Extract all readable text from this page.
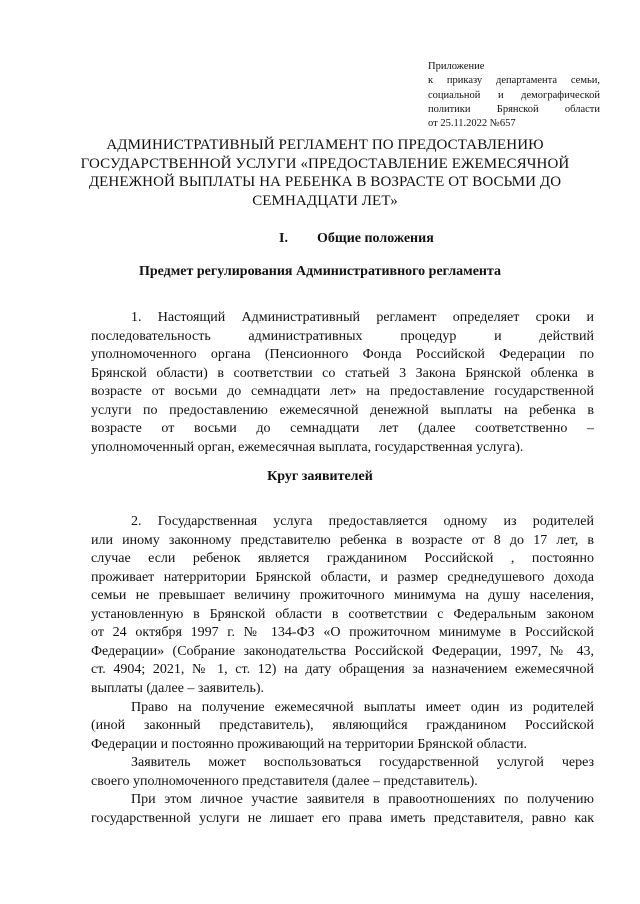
Приложение
к приказу департамента семьи,
социальной и демографической
политики Брянской области
от 25.11.2022 №657
АДМИНИСТРАТИВНЫЙ РЕГЛАМЕНТ ПО ПРЕДОСТАВЛЕНИЮ
ГОСУДАРСТВЕННОЙ УСЛУГИ «ПРЕДОСТАВЛЕНИЕ ЕЖЕМЕСЯЧНОЙ
ДЕНЕЖНОЙ ВЫПЛАТЫ НА РЕБЕНКА В ВОЗРАСТЕ ОТ ВОСЬМИ ДО
СЕМНАДЦАТИ ЛЕТ»
I. Общие положения
Предмет регулирования Административного регламента
1. Настоящий Административный регламент определяет сроки и
последовательность административных процедур и действий
уполномоченного органа (Пенсионного Фонда Российской Федерации по
Брянской области) в соответствии со статьей 3 Закона Брянской обленка в
возрасте от восьми до семнадцати лет» на предоставление государственной
услуги по предоставлению ежемесячной денежной выплаты на ребенка в
возрасте от восьми до семнадцати лет (далее соответственно –
уполномоченный орган, ежемесячная выплата, государственная услуга).
Круг заявителей
2. Государственная услуга предоставляется одному из родителей
или иному законному представителю ребенка в возрасте от 8 до 17 лет, в
случае если ребенок является гражданином Российской , постоянно
проживает натерритории Брянской области, и размер среднедушевого дохода
семьи не превышает величину прожиточного минимума на душу населения,
установленную в Брянской области в соответствии с Федеральным законом
от 24 октября 1997 г. № 134-ФЗ «О прожиточном минимуме в Российской
Федерации» (Собрание законодательства Российской Федерации, 1997, № 43,
ст. 4904; 2021, № 1, ст. 12) на дату обращения за назначением ежемесячной
выплаты (далее – заявитель).
Право на получение ежемесячной выплаты имеет один из родителей
(иной законный представитель), являющийся гражданином Российской
Федерации и постоянно проживающий на территории Брянской области.
Заявитель может воспользоваться государственной услугой через
своего уполномоченного представителя (далее – представитель).
При этом личное участие заявителя в правоотношениях по получению
государственной услуги не лишает его права иметь представителя, равно как
